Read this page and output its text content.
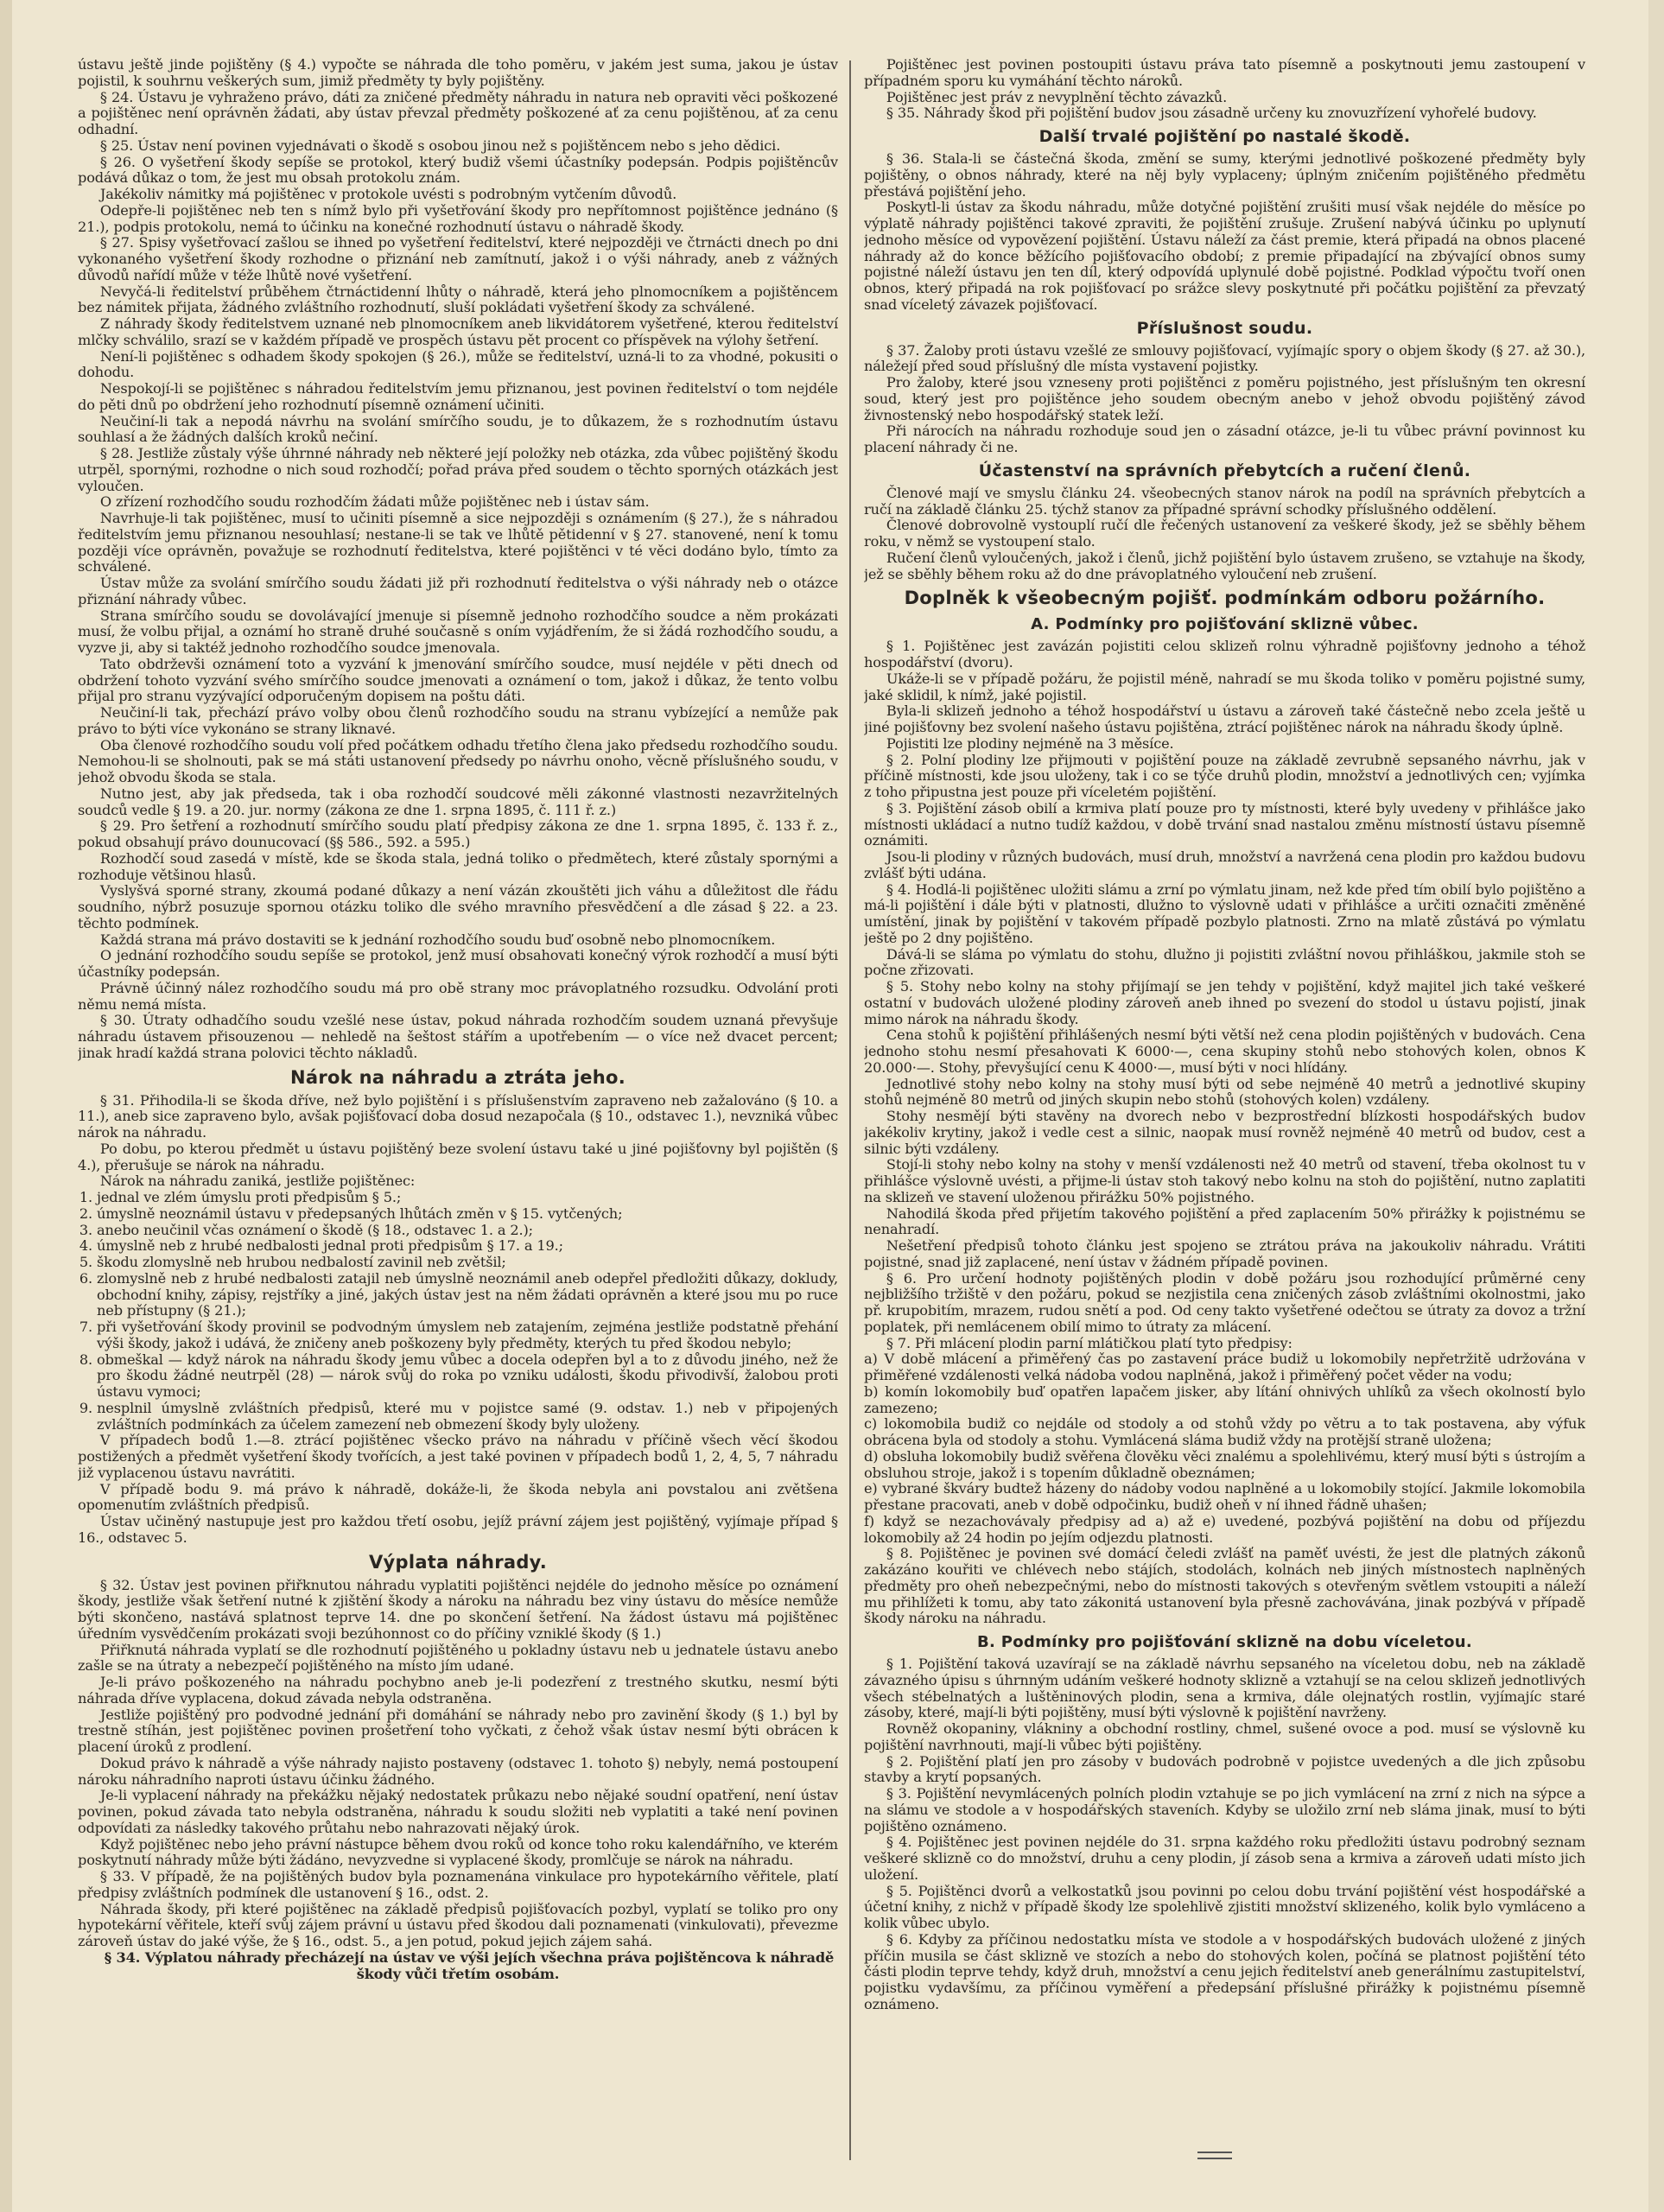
ústavu ještě jinde pojištěny (§ 4.) vypočte se náhrada dle toho poměru, v jakém jest suma, jakou je ústav pojistil, k souhrnu veškerých sum, jimiž předměty ty byly pojištěny.

§ 24. Ústavu je vyhraženo právo, dáti za zničené předměty náhradu in natura neb opraviti věci poškozené a pojištěnec není oprávněn žádati, aby ústav převzal předměty poškozené ať za cenu pojištěnou, ať za cenu odhadní.

§ 25. Ústav není povinen vyjednávati o škodě s osobou jinou než s pojištěncem nebo s jeho dědici.

§ 26. O vyšetření škody sepíše se protokol, který budiž všemi účastníky podepsán. Podpis pojištěncův podává důkaz o tom, že jest mu obsah protokolu znám.

Jakékoliv námitky má pojištěnec v protokole uvésti s podrobným vytčením důvodů.

Odepře-li pojištěnec neb ten s nímž bylo při vyšetřování škody pro nepřítomnost pojištěnce jednáno (§ 21.), podpis protokolu, nemá to účinku na konečné rozhodnutí ústavu o náhradě škody.

§ 27. Spisy vyšetřovací zašlou se ihned po vyšetření ředitelství, které nejpozději ve čtrnácti dnech po dni vykonaného vyšetření škody rozhodne o přiznání neb zamítnutí, jakož i o výši náhrady, aneb z vážných důvodů nařídí může v téže lhůtě nové vyšetření.

Nevyčá-li ředitelství průběhem čtrnáctidenní lhůty o náhradě, která jeho plnomocníkem a pojištěncem bez námitek přijata, žádného zvláštního rozhodnutí, sluší pokládati vyšetření škody za schválené.

Z náhrady škody ředitelstvem uznané neb plnomocníkem aneb likvidátorem vyšetřené, kterou ředitelství mlčky schválilo, srazí se v každém případě ve prospěch ústavu pět procent co příspěvek na výlohy šetření.

Není-li pojištěnec s odhadem škody spokojen (§ 26.), může se ředitelství, uzná-li to za vhodné, pokusiti o dohodu.

Nespokojí-li se pojištěnec s náhradou ředitelstvím jemu přiznanou, jest povinen ředitelství o tom nejdéle do pěti dnů po obdržení jeho rozhodnutí písemně oznámení učiniti.

Neučiní-li tak a nepodá návrhu na svolání smírčího soudu, je to důkazem, že s rozhodnutím ústavu souhlasí a že žádných dalších kroků nečiní.

§ 28. Jestliže zůstaly výše úhrnné náhrady neb některé její položky neb otázka, zda vůbec pojištěný škodu utrpěl, spornými, rozhodne o nich soud rozhodčí; pořad práva před soudem o těchto sporných otázkách jest vyloučen.

O zřízení rozhodčího soudu rozhodčím žádati může pojištěnec neb i ústav sám.

Navrhuje-li tak pojištěnec, musí to učiniti písemně a sice nejpozději s oznámením (§ 27.), že s náhradou ředitelstvím jemu přiznanou nesouhlasí; nestane-li se tak ve lhůtě pětidenní v § 27. stanovené, není k tomu později více oprávněn, považuje se rozhodnutí ředitelstva, které pojištěnci v té věci dodáno bylo, tímto za schválené.

Ústav může za svolání smírčího soudu žádati již při rozhodnutí ředitelstva o výši náhrady neb o otázce přiznání náhrady vůbec.

Strana smírčího soudu se dovolávající jmenuje si písemně jednoho rozhodčího soudce a něm prokázati musí, že volbu přijal, a oznámí ho straně druhé současně s oním vyjádřením, že si žádá rozhodčího soudu, a vyzve ji, aby si taktéž jednoho rozhodčího soudce jmenovala.

Tato obdrževši oznámení toto a vyzvání k jmenování smírčího soudce, musí nejdéle v pěti dnech od obdržení tohoto vyzvání svého smírčího soudce jmenovati a oznámení o tom, jakož i důkaz, že tento volbu přijal pro stranu vyzývající odporučeným dopisem na poštu dáti.

Neučiní-li tak, přechází právo volby obou členů rozhodčího soudu na stranu vybízející a nemůže pak právo to býti více vykonáno se strany liknavé.

Oba členové rozhodčího soudu volí před počátkem odhadu třetího člena jako předsedu rozhodčího soudu. Nemohou-li se sholnouti, pak se má státi ustanovení předsedy po návrhu onoho, věcně příslušného soudu, v jehož obvodu škoda se stala.

Nutno jest, aby jak předseda, tak i oba rozhodčí soudcové měli zákonné vlastnosti nezavržitelných soudců vedle § 19. a 20. jur. normy (zákona ze dne 1. srpna 1895, č. 111 ř. z.)

§ 29. Pro šetření a rozhodnutí smírčího soudu platí předpisy zákona ze dne 1. srpna 1895, č. 133 ř. z., pokud obsahují právo dounucovací (§§ 586., 592. a 595.)

Rozhodčí soud zasedá v místě, kde se škoda stala, jedná toliko o předmětech, které zůstaly spornými a rozhoduje většinou hlasů.

Vyslyšvá sporné strany, zkoumá podané důkazy a není vázán zkouštěti jich váhu a důležitost dle řádu soudního, nýbrž posuzuje spornou otázku toliko dle svého mravního přesvědčení a dle zásad § 22. a 23. těchto podmínek.

Každá strana má právo dostaviti se k jednání rozhodčího soudu buď osobně nebo plnomocníkem.

O jednání rozhodčího soudu sepíše se protokol, jenž musí obsahovati konečný výrok rozhodčí a musí býti účastníky podepsán.

Právně účinný nález rozhodčího soudu má pro obě strany moc právoplatného rozsudku. Odvolání proti němu nemá místa.

§ 30. Útraty odhadčího soudu vzešlé nese ústav, pokud náhrada rozhodčím soudem uznaná převyšuje náhradu ústavem přisouzenou — nehledě na šeštost stářím a upotřebením — o více než dvacet percent; jinak hradí každá strana polovici těchto nákladů.

Nárok na náhradu a ztráta jeho.

§ 31. Přihodila-li se škoda dříve, než bylo pojištění i s příslušenstvím zapraveno neb zažalováno (§ 10. a 11.), aneb sice zapraveno bylo, avšak pojišťovací doba dosud nezapočala (§ 10., odstavec 1.), nevzniká vůbec nárok na náhradu.

Po dobu, po kterou předmět u ústavu pojištěný beze svolení ústavu také u jiné pojišťovny byl pojištěn (§ 4.), přerušuje se nárok na náhradu.

Nárok na náhradu zaniká, jestliže pojištěnec:

1. jednal ve zlém úmyslu proti předpisům § 5.;
2. úmyslně neoznámil ústavu v předepsaných lhůtách změn v § 15. vytčených;
3. anebo neučinil včas oznámení o škodě (§ 18., odstavec 1. a 2.);
4. úmyslně neb z hrubé nedbalosti jednal proti předpisům § 17. a 19.;
5. škodu zlomyslně neb hrubou nedbalostí zavinil neb zvětšil;
6. zlomyslně neb z hrubé nedbalosti zatajil neb úmyslně neoznámil aneb odepřel předložiti důkazy, dokludy, obchodní knihy, zápisy, rejstříky a jiné, jakých ústav jest na něm žádati oprávněn a které jsou mu po ruce neb přístupny (§ 21.);
7. při vyšetřování škody provinil se podvodným úmyslem neb zatajením, zejména jestliže podstatně přehání výši škody, jakož i udává, že zničeny aneb poškozeny byly předměty, kterých tu před škodou nebylo;
8. obmeškal — když nárok na náhradu škody jemu vůbec a docela odepřen byl a to z důvodu jiného, než že pro škodu žádné neutrpěl (28) — nárok svůj do roka po vzniku události, škodu přivodivší, žalobou proti ústavu vymoci;
9. nesplnil úmyslně zvláštních předpisů, které mu v pojistce samé (9. odstav. 1.) neb v připojených zvláštních podmínkách za účelem zamezení neb obmezení škody byly uloženy.

V případech bodů 1.—8. ztrácí pojištěnec všecko právo na náhradu v příčině všech věcí škodou postižených a předmět vyšetření škody tvořících, a jest také povinen v případech bodů 1, 2, 4, 5, 7 náhradu již vyplacenou ústavu navrátiti.

V případě bodu 9. má právo k náhradě, dokáže-li, že škoda nebyla ani povstalou ani zvětšena opomenutím zvláštních předpisů.

Ústav učiněný nastupuje jest pro každou třetí osobu, jejíž právní zájem jest pojištěný, vyjímaje případ § 16., odstavec 5.

Výplata náhrady.

§ 32. Ústav jest povinen přiřknutou náhradu vyplatiti pojištěnci nejdéle do jednoho měsíce po oznámení škody, jestliže však šetření nutné k zjištění škody a nároku na náhradu bez viny ústavu do měsíce nemůže býti skončeno, nastává splatnost teprve 14. dne po skončení šetření. Na žádost ústavu má pojištěnec úředním vysvědčením prokázati svoji bezúhonnost co do příčiny vzniklé škody (§ 1.)

Přiřknutá náhrada vyplatí se dle rozhodnutí pojištěného u pokladny ústavu neb u jednatele ústavu anebo zašle se na útraty a nebezpečí pojištěného na místo jím udané.

Je-li právo poškozeného na náhradu pochybno aneb je-li podezření z trestného skutku, nesmí býti náhrada dříve vyplacena, dokud závada nebyla odstraněna.

Jestliže pojištěný pro podvodné jednání při domáhání se náhrady nebo pro zavinění škody (§ 1.) byl by trestně stíhán, jest pojištěnec povinen prošetření toho vyčkati, z čehož však ústav nesmí býti obrácen k placení úroků z prodlení.

Dokud právo k náhradě a výše náhrady najisto postaveny (odstavec 1. tohoto §) nebyly, nemá postoupení nároku náhradního naproti ústavu účinku žádného.

Je-li vyplacení náhrady na překážku nějaký nedostatek průkazu nebo nějaké soudní opatření, není ústav povinen, pokud závada tato nebyla odstraněna, náhradu k soudu složiti neb vyplatiti a také není povinen odpovídati za následky takového průtahu nebo nahrazovati nějaký úrok.

Když pojištěnec nebo jeho právní nástupce během dvou roků od konce toho roku kalendářního, ve kterém poskytnutí náhrady může býti žádáno, nevyzvedne si vyplacené škody, promlčuje se nárok na náhradu.

§ 33. V případě, že na pojištěných budov byla poznamenána vinkulace pro hypotekárního věřitele, platí předpisy zvláštních podmínek dle ustanovení § 16., odst. 2.

Náhrada škody, při které pojištěnec na základě předpisů pojišťovacích pozbyl, vyplatí se toliko pro ony hypotekární věřitele, kteří svůj zájem právní u ústavu před škodou dali poznamenati (vinkulovati), převezme zároveň ústav do jaké výše, že § 16., odst. 5., a jen potud, pokud jejich zájem sahá.

§ 34. Výplatou náhrady přecházejí na ústav ve výši jejích všechna práva pojištěncova k náhradě škody vůči třetím osobám.

Pojištěnec jest povinen postoupiti ústavu práva tato písemně a poskytnouti jemu zastoupení v případném sporu ku vymáhání těchto nároků.

Pojištěnec jest práv z nevyplnění těchto závazků.

§ 35. Náhrady škod při pojištění budov jsou zásadně určeny ku znovuzřízení vyhořelé budovy.

Další trvalé pojištění po nastalé škodě.

§ 36. Stala-li se částečná škoda, změní se sumy, kterými jednotlivé poškozené předměty byly pojištěny, o obnos náhrady, které na něj byly vyplaceny; úplným zničením pojištěného předmětu přestává pojištění jeho.

Poskytl-li ústav za škodu náhradu, může dotyčné pojištění zrušiti musí však nejdéle do měsíce po výplatě náhrady pojištěnci takové zpraviti, že pojištění zrušuje. Zrušení nabývá účinku po uplynutí jednoho měsíce od vypovězení pojištění. Ústavu náleží za část premie, která připadá na obnos placené náhrady až do konce běžícího pojišťovacího období; z premie připadající na zbývající obnos sumy pojistné náleží ústavu jen ten díl, který odpovídá uplynulé době pojistné. Podklad výpočtu tvoří onen obnos, který připadá na rok pojišťovací po srážce slevy poskytnuté při počátku pojištění za převzatý snad víceletý závazek pojišťovací.

Příslušnost soudu.

§ 37. Žaloby proti ústavu vzešlé ze smlouvy pojišťovací, vyjímajíc spory o objem škody (§ 27. až 30.), náležejí před soud příslušný dle místa vystavení pojistky.

Pro žaloby, které jsou vzneseny proti pojištěnci z poměru pojistného, jest příslušným ten okresní soud, který jest pro pojištěnce jeho soudem obecným anebo v jehož obvodu pojištěný závod živnostenský nebo hospodářský statek leží.

Při nárocích na náhradu rozhoduje soud jen o zásadní otázce, je-li tu vůbec právní povinnost ku placení náhrady či ne.

Účastenství na správních přebytcích a ručení členů.

Členové mají ve smyslu článku 24. všeobecných stanov nárok na podíl na správních přebytcích a ručí na základě článku 25. týchž stanov za případné správní schodky příslušného oddělení.

Členové dobrovolně vystouplí ručí dle řečených ustanovení za veškeré škody, jež se sběhly během roku, v němž se vystoupení stalo.

Ručení členů vyloučených, jakož i členů, jichž pojištění bylo ústavem zrušeno, se vztahuje na škody, jež se sběhly během roku až do dne právoplatného vyloučení neb zrušení.

Doplněk k všeobecným pojišť. podmínkám odboru požárního.
A. Podmínky pro pojišťování skliznë vůbec.

§ 1. Pojištěnec jest zavázán pojistiti celou sklizeň rolnu výhradně pojišťovny jednoho a téhož hospodářství (dvoru).

Ukáže-li se v případě požáru, že pojistil méně, nahradí se mu škoda toliko v poměru pojistné sumy, jaké sklidil, k nímž, jaké pojistil.

Byla-li sklizeň jednoho a téhož hospodářství u ústavu a zároveň také částečně nebo zcela ještě u jiné pojišťovny bez svolení našeho ústavu pojištěna, ztrácí pojištěnec nárok na náhradu škody úplně.

Pojistiti lze plodiny nejméně na 3 měsíce.

§ 2. Polní plodiny lze přijmouti v pojištění pouze na základě zevrubně sepsaného návrhu, jak v příčině místnosti, kde jsou uloženy, tak i co se týče druhů plodin, množství a jednotlivých cen; vyjímka z toho připustna jest pouze při víceletém pojištění.

§ 3. Pojištění zásob obilí a krmiva platí pouze pro ty místnosti, které byly uvedeny v přihlášce jako místnosti ukládací a nutno tudíž každou, v době trvání snad nastalou změnu místností ústavu písemně oznámiti.

Jsou-li plodiny v různých budovách, musí druh, množství a navržená cena plodin pro každou budovu zvlášť býti udána.

§ 4. Hodlá-li pojištěnec uložiti slámu a zrní po výmlatu jinam, než kde před tím obilí bylo pojištěno a má-li pojištění i dále býti v platnosti, dlužno to výslovně udati v přihlášce a určiti označiti změněné umístění, jinak by pojištění v takovém případě pozbylo platnosti. Zrno na mlatě zůstává po výmlatu ještě po 2 dny pojištěno.

Dává-li se sláma po výmlatu do stohu, dlužno ji pojistiti zvláštní novou přihláškou, jakmile stoh se počne zřizovati.

§ 5. Stohy nebo kolny na stohy přijímají se jen tehdy v pojištění, když majitel jich také veškeré ostatní v budovách uložené plodiny zároveň aneb ihned po svezení do stodol u ústavu pojistí, jinak mimo nárok na náhradu škody.

Cena stohů k pojištění přihlášených nesmí býti větší než cena plodin pojištěných v budovách. Cena jednoho stohu nesmí přesahovati K 6000·—, cena skupiny stohů nebo stohových kolen, obnos K 20.000·—. Stohy, převyšující cenu K 4000·—, musí býti v noci hlídány.

Jednotlivé stohy nebo kolny na stohy musí býti od sebe nejméně 40 metrů a jednotlivé skupiny stohů nejméně 80 metrů od jiných skupin nebo stohů (stohových kolen) vzdáleny.

Stohy nesmějí býti stavěny na dvorech nebo v bezprostřední blízkosti hospodářských budov jakékoliv krytiny, jakož i vedle cest a silnic, naopak musí rovněž nejméně 40 metrů od budov, cest a silnic býti vzdáleny.

Stojí-li stohy nebo kolny na stohy v menší vzdálenosti než 40 metrů od stavení, třeba okolnost tu v přihlášce výslovně uvésti, a přijme-li ústav stoh takový nebo kolnu na stoh do pojištění, nutno zaplatiti na sklizeň ve stavení uloženou přirážku 50% pojistného.

Nahodilá škoda před přijetím takového pojištění a před zaplacením 50% přirážky k pojistnému se nenahradí.

Nešetření předpisů tohoto článku jest spojeno se ztrátou práva na jakoukoliv náhradu. Vrátiti pojistné, snad již zaplacené, není ústav v žádném případě povinen.

§ 6. Pro určení hodnoty pojištěných plodin v době požáru jsou rozhodující průměrné ceny nejbližšího tržiště v den požáru, pokud se nezjistila cena zničených zásob zvláštními okolnostmi, jako př. krupobitím, mrazem, rudou snětí a pod. Od ceny takto vyšetřené odečtou se útraty za dovoz a tržní poplatek, při nemlácenem obilí mimo to útraty za mlácení.

§ 7. Při mlácení plodin parní mlátičkou platí tyto předpisy:

a) V době mlácení a přiměřený čas po zastavení práce budiž u lokomobily nepřetržitě udržována v přiměřené vzdálenosti velká nádoba vodou naplněná, jakož i přiměřený počet věder na vodu;

b) komín lokomobily buď opatřen lapačem jisker, aby lítání ohnivých uhlíků za všech okolností bylo zamezeno;

c) lokomobila budiž co nejdále od stodoly a od stohů vždy po větru a to tak postavena, aby výfuk obrácena byla od stodoly a stohu. Vymlácená sláma budiž vždy na protější straně uložena;

d) obsluha lokomobily budiž svěřena člověku věci znalému a spolehlivému, který musí býti s ústrojím a obsluhou stroje, jakož i s topením důkladně obeznámen;

e) vybrané škváry budtež házeny do nádoby vodou naplněné a u lokomobily stojící. Jakmile lokomobila přestane pracovati, aneb v době odpočinku, budiž oheň v ní ihned řádně uhašen;

f) když se nezachovávaly předpisy ad a) až e) uvedené, pozbývá pojištění na dobu od příjezdu lokomobily až 24 hodin po jejím odjezdu platnosti.

§ 8. Pojištěnec je povinen své domácí čeledi zvlášť na paměť uvésti, že jest dle platných zákonů zakázáno kouřiti ve chlévech nebo stájích, stodolách, kolnách neb jiných místnostech naplněných předměty pro oheň nebezpečnými, nebo do místnosti takových s otevřeným světlem vstoupiti a náleží mu přihlížeti k tomu, aby tato zákonitá ustanovení byla přesně zachovávána, jinak pozbývá v případě škody nároku na náhradu.

B. Podmínky pro pojišťování sklizně na dobu víceletou.

§ 1. Pojištění taková uzavírají se na základě návrhu sepsaného na víceletou dobu, neb na základě závazného úpisu s úhrnným udáním veškeré hodnoty sklizně a vztahují se na celou sklizeň jednotlivých všech stébelnatých a luštěninových plodin, sena a krmiva, dále olejnatých rostlin, vyjímajíc staré zásoby, které, mají-li býti pojištěny, musí býti výslovně k pojištění navrženy.

Rovněž okopaniny, vlákniny a obchodní rostliny, chmel, sušené ovoce a pod. musí se výslovně ku pojištění navrhnouti, mají-li vůbec býti pojištěny.

§ 2. Pojištění platí jen pro zásoby v budovách podrobně v pojistce uvedených a dle jich způsobu stavby a krytí popsaných.

§ 3. Pojištění nevymlácených polních plodin vztahuje se po jich vymlácení na zrní z nich na sýpce a na slámu ve stodole a v hospodářských staveních. Kdyby se uložilo zrní neb sláma jinak, musí to býti pojištěno oznámeno.

§ 4. Pojištěnec jest povinen nejdéle do 31. srpna každého roku předložiti ústavu podrobný seznam veškeré sklizně co do množství, druhu a ceny plodin, jí zásob sena a krmiva a zároveň udati místo jich uložení.

§ 5. Pojištěnci dvorů a velkostatků jsou povinni po celou dobu trvání pojištění vést hospodářské a účetní knihy, z nichž v případě škody lze spolehlivě zjistiti množství sklizeného, kolik bylo vymláceno a kolik vůbec ubylo.

§ 6. Kdyby za příčinou nedostatku místa ve stodole a v hospodářských budovách uložené z jiných příčin musila se část sklizně ve stozích a nebo do stohových kolen, počíná se platnost pojištění této části plodin teprve tehdy, když druh, množství a cenu jejich ředitelství aneb generálnímu zastupitelství, pojistku vydavšímu, za příčinou vyměření a předepsání příslušné přirážky k pojistnému písemně oznámeno.
